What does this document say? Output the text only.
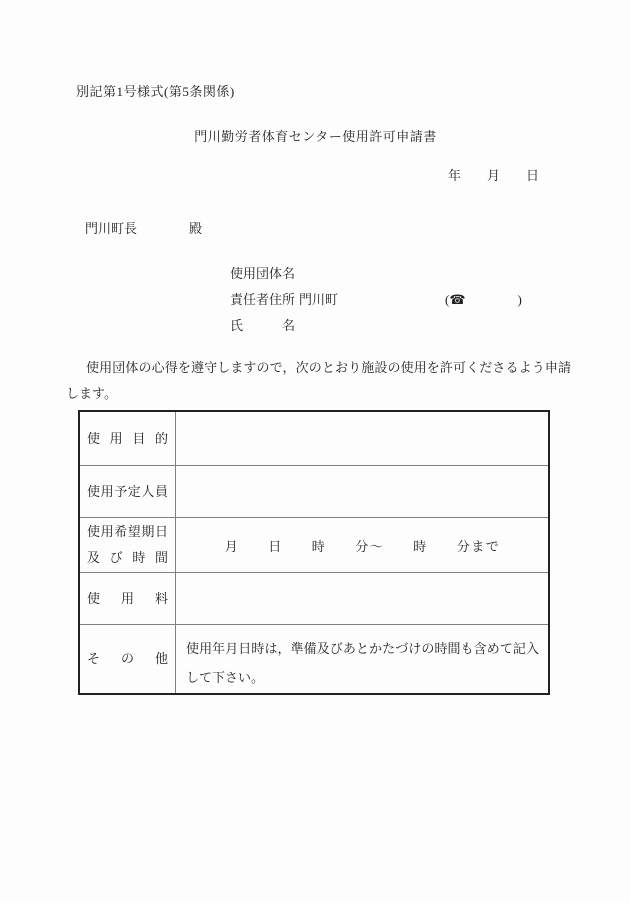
別記第1号様式(第5条関係)
門川勤労者体育センター使用許可申請書
年　　月　　日
門川町長　　　　殿
使用団体名
責任者住所 門川町	(☎　　　　)
氏　　　名
使用団体の心得を遵守しますので，次のとおり施設の使用を許可くださるよう申請します。
使用目的
使用予定人員
使用希望期日
及び時間
月　　日　　時　　分～　　時　　分まで
使用料
その他
使用年月日時は，準備及びあとかたづけの時間も含めて記入して下さい。
